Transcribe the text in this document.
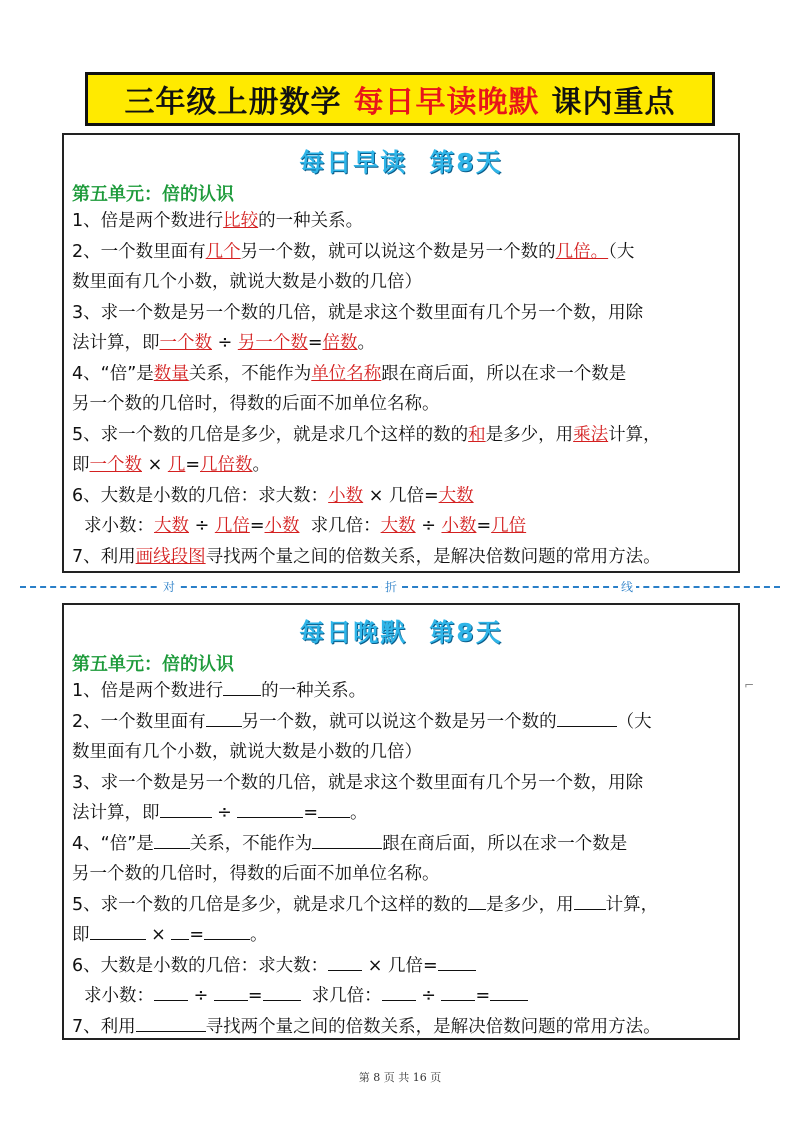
三年级上册数学 每日早读晚默 课内重点
每日早读 第8天
第五单元：倍的认识

1、倍是两个数进行比较的一种关系。

2、一个数里面有几个另一个数，就可以说这个数是另一个数的几倍。（大

数里面有几个小数，就说大数是小数的几倍）

3、求一个数是另一个数的几倍，就是求这个数里面有几个另一个数，用除

法计算，即一个数 ÷ 另一个数=倍数。

4、“倍”是数量关系，不能作为单位名称跟在商后面，所以在求一个数是

另一个数的几倍时，得数的后面不加单位名称。

5、求一个数的几倍是多少，就是求几个这样的数的和是多少，用乘法计算，

即一个数 × 几=几倍数。

6、大数是小数的几倍：求大数：小数 × 几倍=大数

求小数：大数 ÷ 几倍=小数 求几倍：大数 ÷ 小数=几倍

7、利用画线段图寻找两个量之间的倍数关系，是解决倍数问题的常用方法。

对	折	线
每日晚默 第8天
第五单元：倍的认识

1、倍是两个数进行 的一种关系。

2、一个数里面有 另一个数，就可以说这个数是另一个数的	（大

数里面有几个小数，就说大数是小数的几倍）

3、求一个数是另一个数的几倍，就是求这个数里面有几个另一个数，用除

法计算，即	÷	= 。

4、“倍”是 关系，不能作为	跟在商后面，所以在求一个数是

另一个数的几倍时，得数的后面不加单位名称。

5、求一个数的几倍是多少，就是求几个这样的数的 是多少，用 计算，

即	× =	。

6、大数是小数的几倍：求大数： × 几倍=

求小数： ÷ =	求几倍： ÷ =

7、利用	寻找两个量之间的倍数关系，是解决倍数问题的常用方法。

⌐
第 8 页 共 16 页
